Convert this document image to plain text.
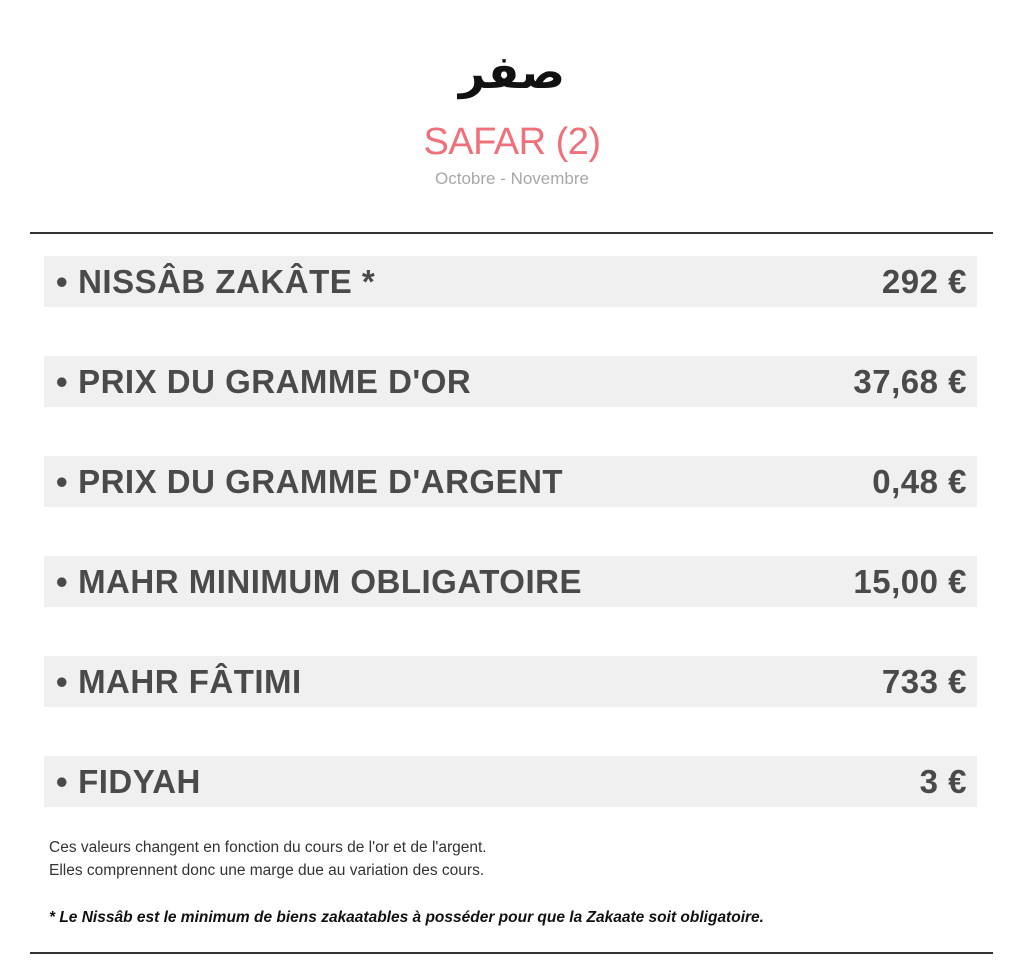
صفر
SAFAR (2)
Octobre - Novembre
• NISSÂB ZAKÂTE *	292 €
• PRIX DU GRAMME D'OR	37,68 €
• PRIX DU GRAMME D'ARGENT	0,48 €
• MAHR MINIMUM OBLIGATOIRE	15,00 €
• MAHR FÂTIMI	733 €
• FIDYAH	3 €
Ces valeurs changent en fonction du cours de l'or et de l'argent.
Elles comprennent donc une marge due au variation des cours.
* Le Nissâb est le minimum de biens zakaatables à posséder pour que la Zakaate soit obligatoire.
